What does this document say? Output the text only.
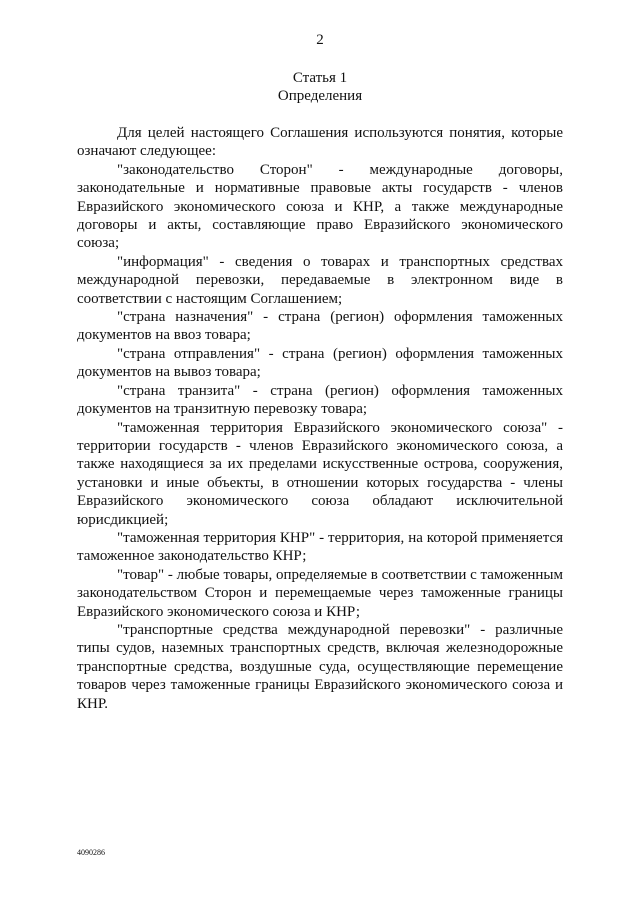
2
Статья 1
Определения

Для целей настоящего Соглашения используются понятия, которые означают следующее:

"законодательство Сторон" - международные договоры, законодательные и нормативные правовые акты государств - членов Евразийского экономического союза и КНР, а также международные договоры и акты, составляющие право Евразийского экономического союза;

"информация" - сведения о товарах и транспортных средствах международной перевозки, передаваемые в электронном виде в соответствии с настоящим Соглашением;

"страна назначения" - страна (регион) оформления таможенных документов на ввоз товара;

"страна отправления" - страна (регион) оформления таможенных документов на вывоз товара;

"страна транзита" - страна (регион) оформления таможенных документов на транзитную перевозку товара;

"таможенная территория Евразийского экономического союза" - территории государств - членов Евразийского экономического союза, а также находящиеся за их пределами искусственные острова, сооружения, установки и иные объекты, в отношении которых государства - члены Евразийского экономического союза обладают исключительной юрисдикцией;

"таможенная территория КНР" - территория, на которой применяется таможенное законодательство КНР;

"товар" - любые товары, определяемые в соответствии с таможенным законодательством Сторон и перемещаемые через таможенные границы Евразийского экономического союза и КНР;

"транспортные средства международной перевозки" - различные типы судов, наземных транспортных средств, включая железнодорожные транспортные средства, воздушные суда, осуществляющие перемещение товаров через таможенные границы Евразийского экономического союза и КНР.

4090286
